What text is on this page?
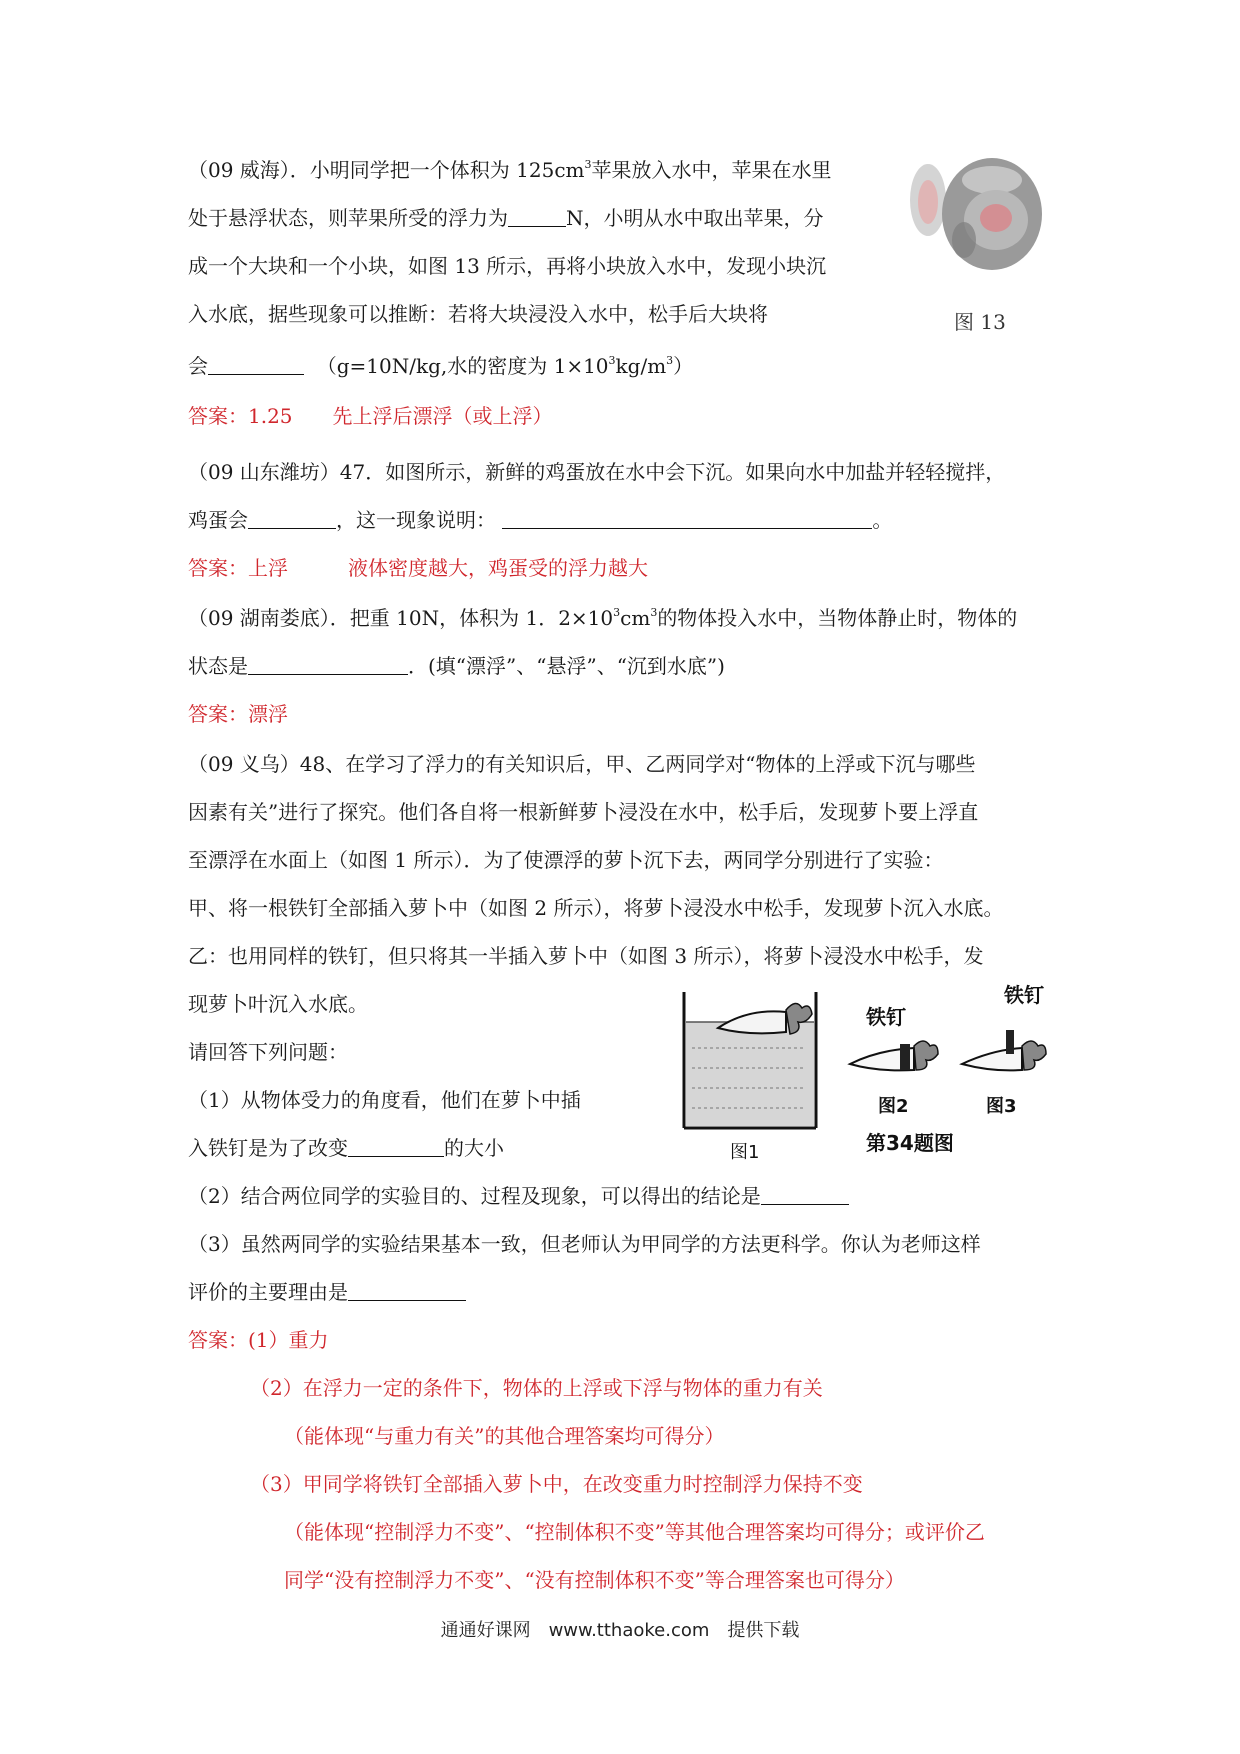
（09 威海）．小明同学把一个体积为 $125cm^3$苹果放入水中，苹果在水里
处于悬浮状态，则苹果所受的浮力为	N，小明从水中取出苹果，分
成一个大块和一个小块，如图 13 所示，再将小块放入水中，发现小块沉
入水底，据些现象可以推断：若将大块浸没入水中，松手后大块将
会	（g=10N/kg,水的密度为 $1\times 10^3kg/m^3$）
答案：1.25　　先上浮后漂浮（或上浮）
图 13
（09 山东潍坊）47．如图所示，新鲜的鸡蛋放在水中会下沉。如果向水中加盐并轻轻搅拌，
鸡蛋会	，这一现象说明：	。
答案：上浮　　　液体密度越大，鸡蛋受的浮力越大
（09 湖南娄底）．把重 10N，体积为 1．$2\times 10^3cm^3$的物体投入水中，当物体静止时，物体的
状态是	．(填“漂浮”、“悬浮”、“沉到水底”)
答案：漂浮
（09 义乌）48、在学习了浮力的有关知识后，甲、乙两同学对“物体的上浮或下沉与哪些
因素有关”进行了探究。他们各自将一根新鲜萝卜浸没在水中，松手后，发现萝卜要上浮直
至漂浮在水面上（如图 1 所示）．为了使漂浮的萝卜沉下去，两同学分别进行了实验：
甲、将一根铁钉全部插入萝卜中（如图 2 所示），将萝卜浸没水中松手，发现萝卜沉入水底。
乙：也用同样的铁钉，但只将其一半插入萝卜中（如图 3 所示），将萝卜浸没水中松手，发
现萝卜叶沉入水底。
请回答下列问题：
（1）从物体受力的角度看，他们在萝卜中插
入铁钉是为了改变	的大小
铁钉
铁钉
图1
图2	图3
第34题图
（2）结合两位同学的实验目的、过程及现象，可以得出的结论是
（3）虽然两同学的实验结果基本一致，但老师认为甲同学的方法更科学。你认为老师这样
评价的主要理由是
答案：(1）重力
（2）在浮力一定的条件下，物体的上浮或下浮与物体的重力有关
（能体现“与重力有关”的其他合理答案均可得分）
（3）甲同学将铁钉全部插入萝卜中，在改变重力时控制浮力保持不变
（能体现“控制浮力不变”、“控制体积不变”等其他合理答案均可得分；或评价乙
同学“没有控制浮力不变”、“没有控制体积不变”等合理答案也可得分）
通通好课网　www.tthaoke.com　提供下载
